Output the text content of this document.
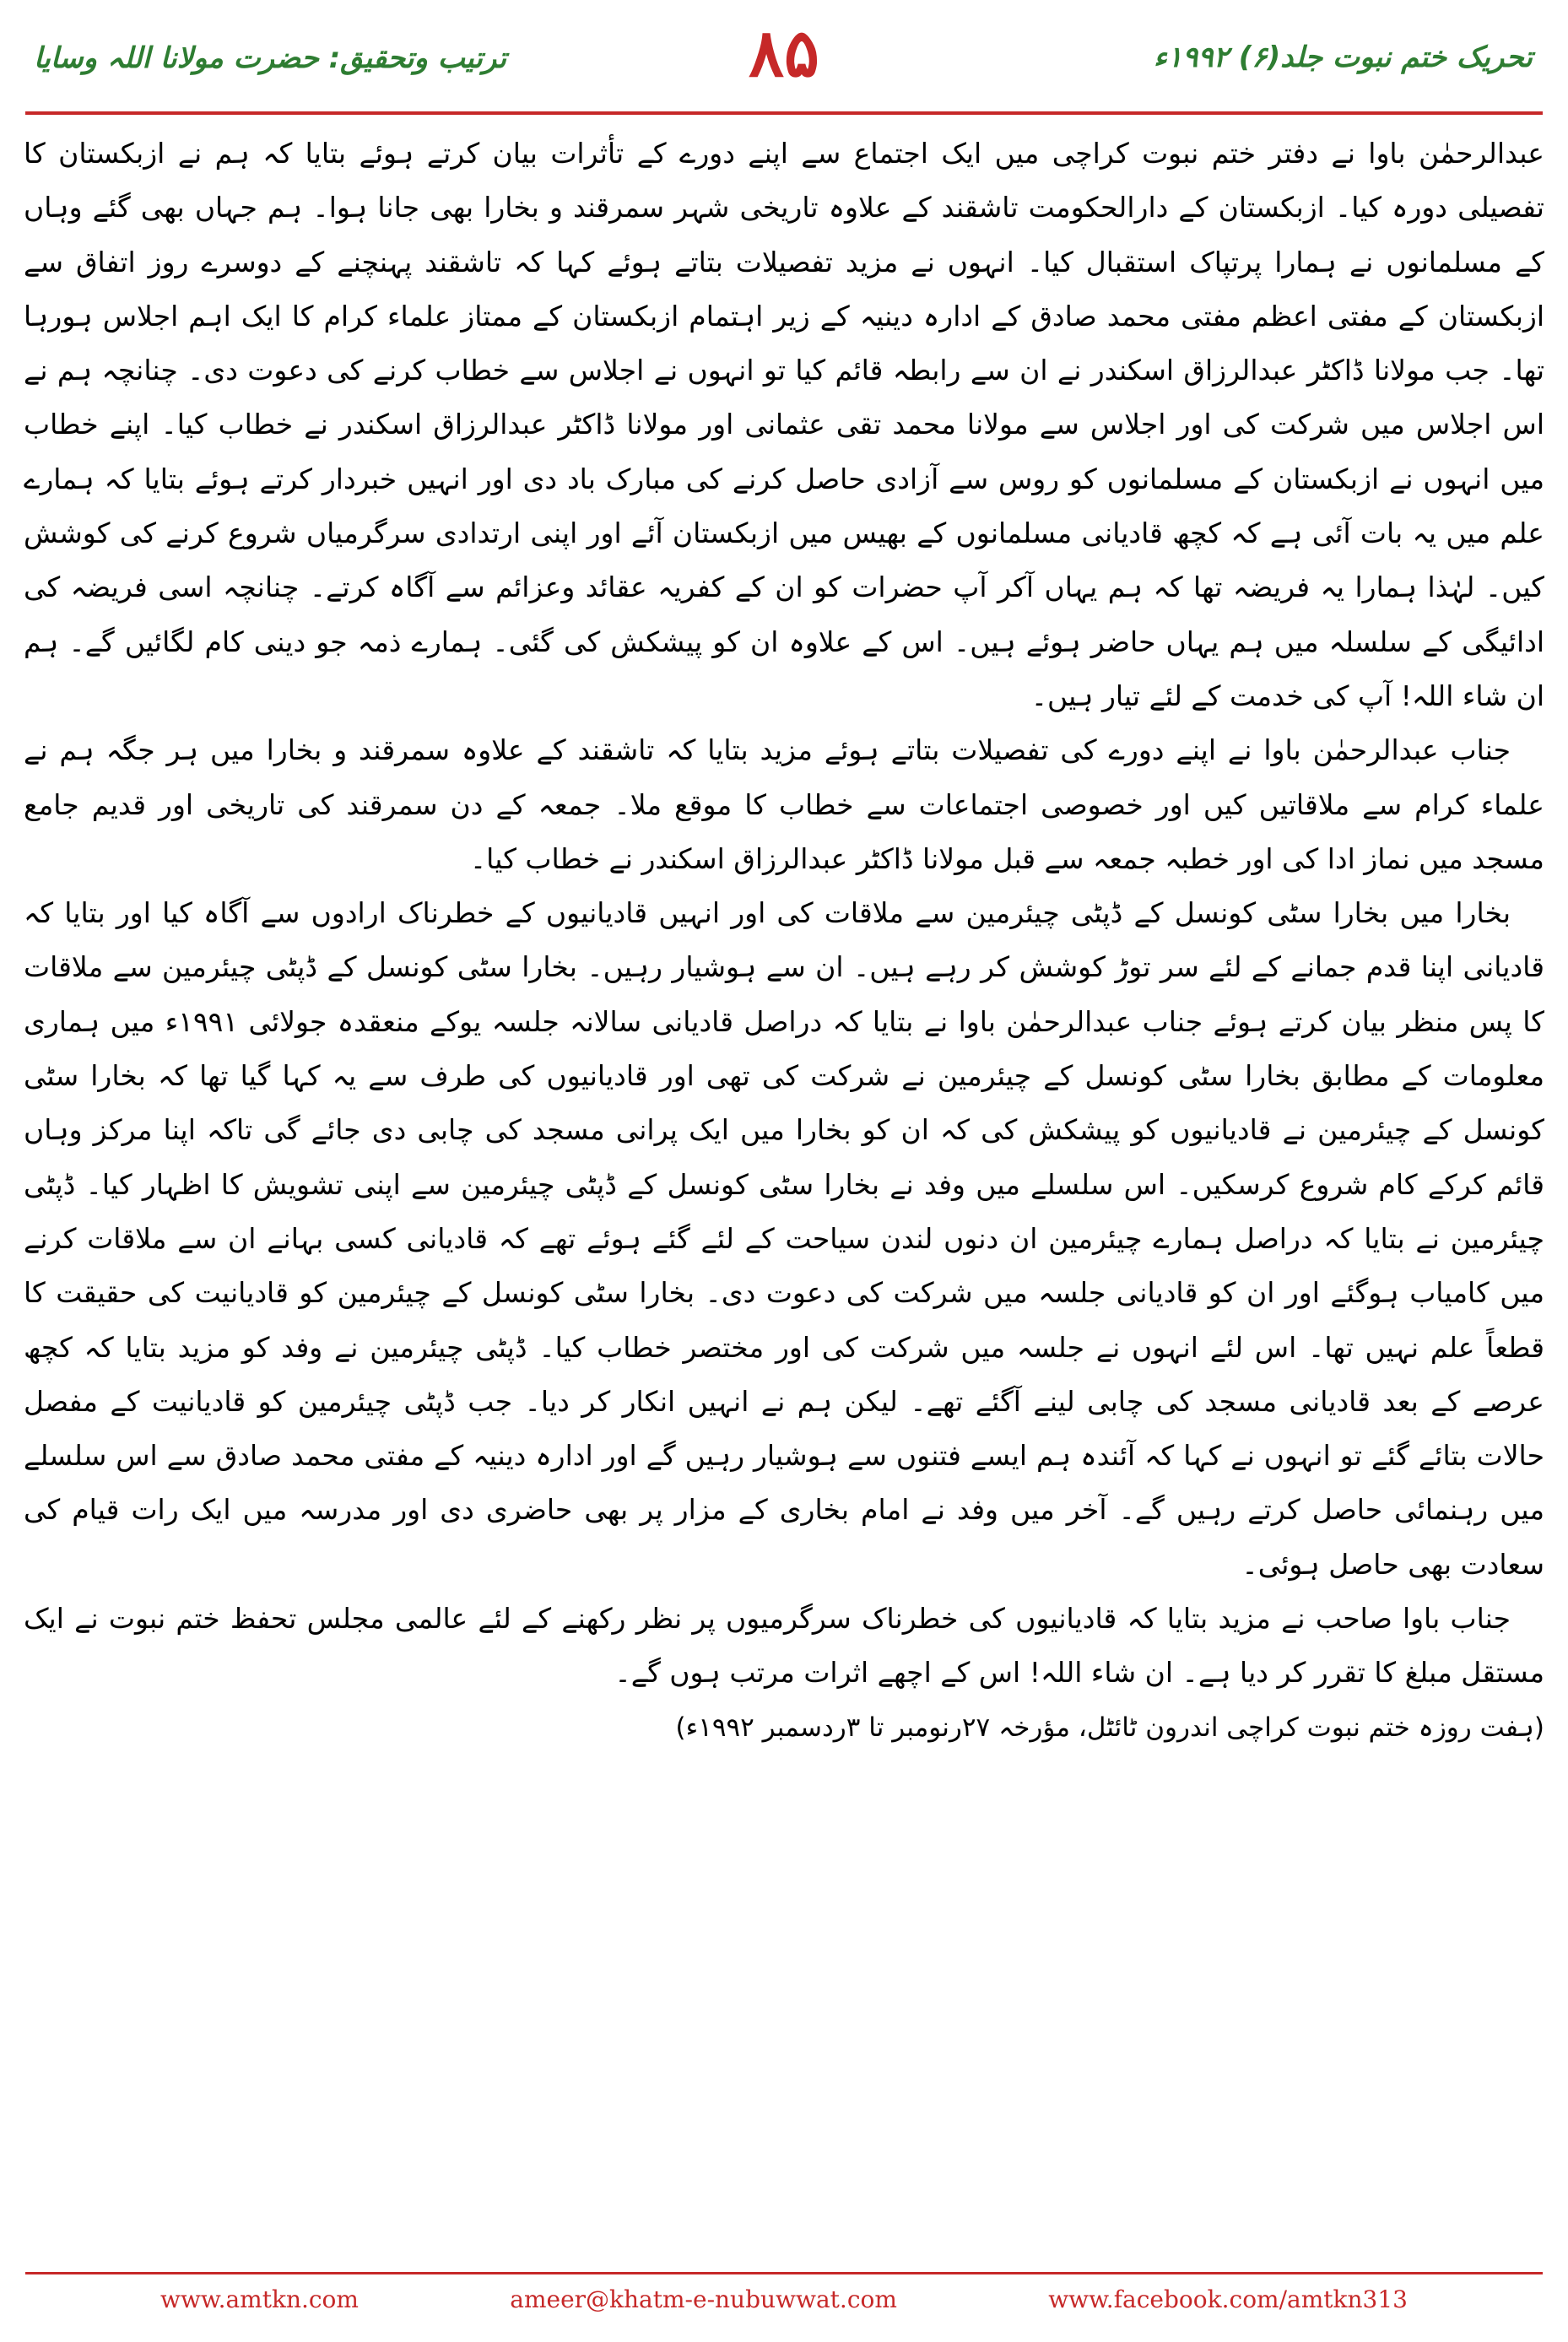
ترتیب وتحقیق: حضرت مولانا اللہ وسایا	۸۵	تحریک ختم نبوت جلد(۶) ۱۹۹۲ء

عبدالرحمٰن باوا نے دفتر ختم نبوت کراچی میں ایک اجتماع سے اپنے دورے کے تأثرات بیان کرتے ہوئے بتایا کہ ہم نے ازبکستان کا تفصیلی دورہ کیا۔ ازبکستان کے دارالحکومت تاشقند کے علاوہ تاریخی شہر سمرقند و بخارا بھی جانا ہوا۔ ہم جہاں بھی گئے وہاں کے مسلمانوں نے ہمارا پرتپاک استقبال کیا۔ انہوں نے مزید تفصیلات بتاتے ہوئے کہا کہ تاشقند پہنچنے کے دوسرے روز اتفاق سے ازبکستان کے مفتی اعظم مفتی محمد صادق کے ادارہ دینیہ کے زیر اہتمام ازبکستان کے ممتاز علماء کرام کا ایک اہم اجلاس ہورہا تھا۔ جب مولانا ڈاکٹر عبدالرزاق اسکندر نے ان سے رابطہ قائم کیا تو انہوں نے اجلاس سے خطاب کرنے کی دعوت دی۔ چنانچہ ہم نے اس اجلاس میں شرکت کی اور اجلاس سے مولانا محمد تقی عثمانی اور مولانا ڈاکٹر عبدالرزاق اسکندر نے خطاب کیا۔ اپنے خطاب میں انہوں نے ازبکستان کے مسلمانوں کو روس سے آزادی حاصل کرنے کی مبارک باد دی اور انہیں خبردار کرتے ہوئے بتایا کہ ہمارے علم میں یہ بات آئی ہے کہ کچھ قادیانی مسلمانوں کے بھیس میں ازبکستان آئے اور اپنی ارتدادی سرگرمیاں شروع کرنے کی کوشش کیں۔ لہٰذا ہمارا یہ فریضہ تھا کہ ہم یہاں آکر آپ حضرات کو ان کے کفریہ عقائد وعزائم سے آگاہ کرتے۔ چنانچہ اسی فریضہ کی ادائیگی کے سلسلہ میں ہم یہاں حاضر ہوئے ہیں۔ اس کے علاوہ ان کو پیشکش کی گئی۔ ہمارے ذمہ جو دینی کام لگائیں گے۔ ہم ان شاء اللہ! آپ کی خدمت کے لئے تیار ہیں۔

جناب عبدالرحمٰن باوا نے اپنے دورے کی تفصیلات بتاتے ہوئے مزید بتایا کہ تاشقند کے علاوہ سمرقند و بخارا میں ہر جگہ ہم نے علماء کرام سے ملاقاتیں کیں اور خصوصی اجتماعات سے خطاب کا موقع ملا۔ جمعہ کے دن سمرقند کی تاریخی اور قدیم جامع مسجد میں نماز ادا کی اور خطبہ جمعہ سے قبل مولانا ڈاکٹر عبدالرزاق اسکندر نے خطاب کیا۔

بخارا میں بخارا سٹی کونسل کے ڈپٹی چیئرمین سے ملاقات کی اور انہیں قادیانیوں کے خطرناک ارادوں سے آگاہ کیا اور بتایا کہ قادیانی اپنا قدم جمانے کے لئے سر توڑ کوشش کر رہے ہیں۔ ان سے ہوشیار رہیں۔ بخارا سٹی کونسل کے ڈپٹی چیئرمین سے ملاقات کا پس منظر بیان کرتے ہوئے جناب عبدالرحمٰن باوا نے بتایا کہ دراصل قادیانی سالانہ جلسہ یوکے منعقدہ جولائی ۱۹۹۱ء میں ہماری معلومات کے مطابق بخارا سٹی کونسل کے چیئرمین نے شرکت کی تھی اور قادیانیوں کی طرف سے یہ کہا گیا تھا کہ بخارا سٹی کونسل کے چیئرمین نے قادیانیوں کو پیشکش کی کہ ان کو بخارا میں ایک پرانی مسجد کی چابی دی جائے گی تاکہ اپنا مرکز وہاں قائم کرکے کام شروع کرسکیں۔ اس سلسلے میں وفد نے بخارا سٹی کونسل کے ڈپٹی چیئرمین سے اپنی تشویش کا اظہار کیا۔ ڈپٹی چیئرمین نے بتایا کہ دراصل ہمارے چیئرمین ان دنوں لندن سیاحت کے لئے گئے ہوئے تھے کہ قادیانی کسی بہانے ان سے ملاقات کرنے میں کامیاب ہوگئے اور ان کو قادیانی جلسہ میں شرکت کی دعوت دی۔ بخارا سٹی کونسل کے چیئرمین کو قادیانیت کی حقیقت کا قطعاً علم نہیں تھا۔ اس لئے انہوں نے جلسہ میں شرکت کی اور مختصر خطاب کیا۔ ڈپٹی چیئرمین نے وفد کو مزید بتایا کہ کچھ عرصے کے بعد قادیانی مسجد کی چابی لینے آگئے تھے۔ لیکن ہم نے انہیں انکار کر دیا۔ جب ڈپٹی چیئرمین کو قادیانیت کے مفصل حالات بتائے گئے تو انہوں نے کہا کہ آئندہ ہم ایسے فتنوں سے ہوشیار رہیں گے اور ادارہ دینیہ کے مفتی محمد صادق سے اس سلسلے میں رہنمائی حاصل کرتے رہیں گے۔ آخر میں وفد نے امام بخاری کے مزار پر بھی حاضری دی اور مدرسہ میں ایک رات قیام کی سعادت بھی حاصل ہوئی۔

جناب باوا صاحب نے مزید بتایا کہ قادیانیوں کی خطرناک سرگرمیوں پر نظر رکھنے کے لئے عالمی مجلس تحفظ ختم نبوت نے ایک مستقل مبلغ کا تقرر کر دیا ہے۔ ان شاء اللہ! اس کے اچھے اثرات مرتب ہوں گے۔

(ہفت روزہ ختم نبوت کراچی اندرون ٹائٹل، مؤرخہ ۲۷رنومبر تا ۳ردسمبر ۱۹۹۲ء)

www.amtkn.com	ameer@khatm-e-nubuwwat.com	www.facebook.com/amtkn313
